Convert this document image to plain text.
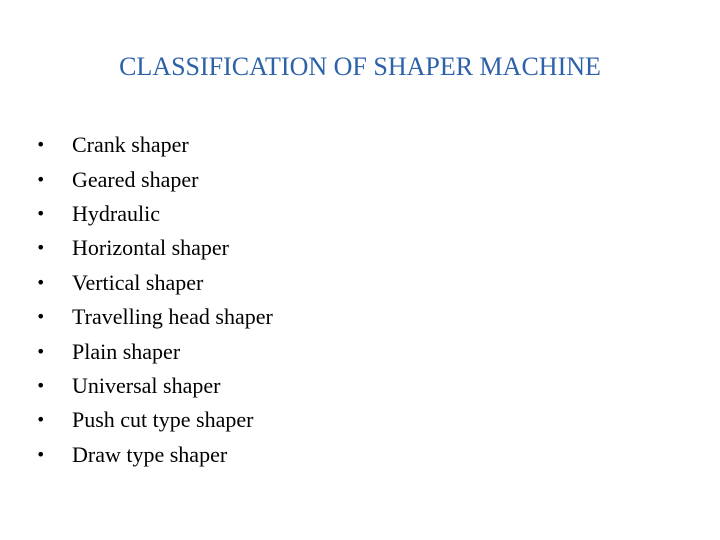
CLASSIFICATION OF SHAPER MACHINE
•	Crank shaper
•	Geared shaper
•	Hydraulic
•	Horizontal shaper
•	Vertical shaper
•	Travelling head shaper
•	Plain shaper
•	Universal shaper
•	Push cut type shaper
•	Draw type shaper
